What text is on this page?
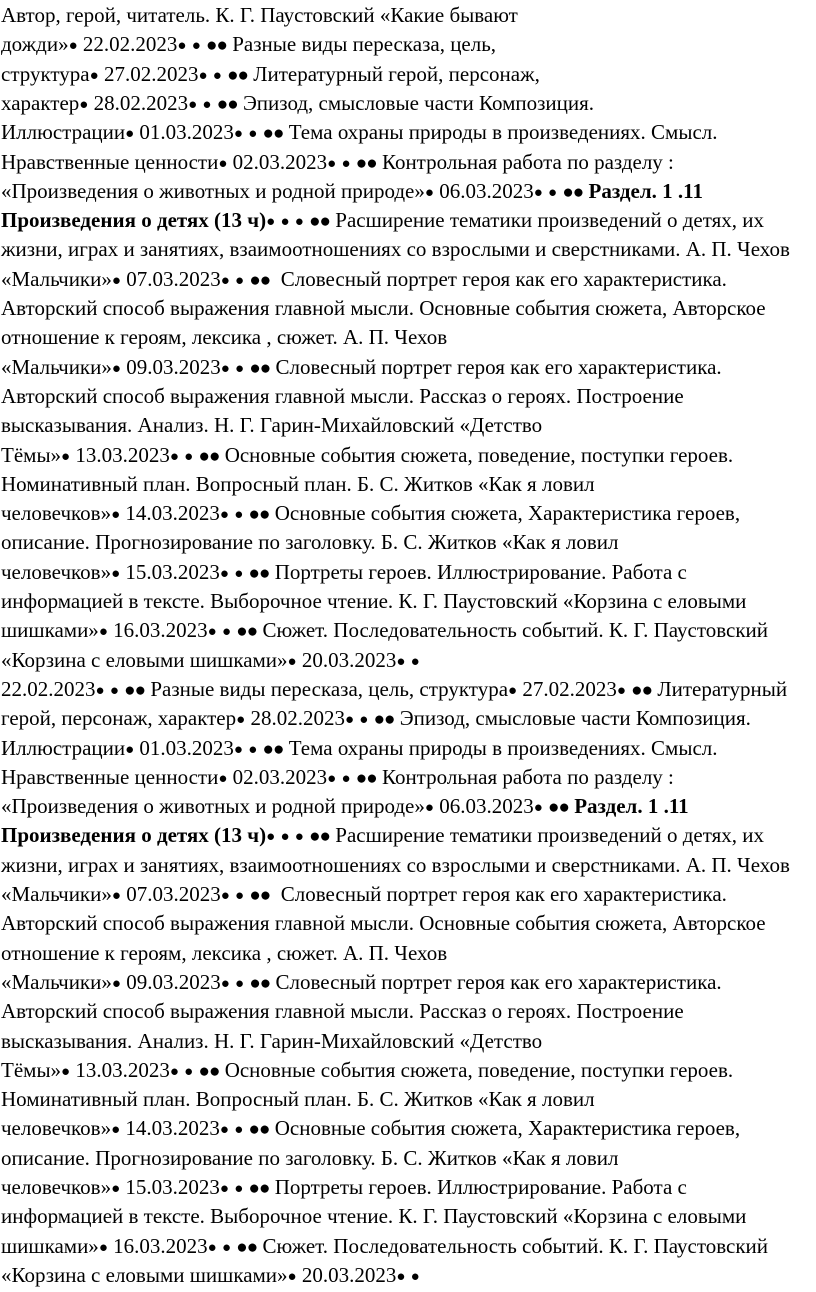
Автор, герой, читатель. К. Г. Паустовский «Какие бывают
дожди»● 22.02.2023● ● ●● Разные виды пересказа, цель,
структура● 27.02.2023● ● ●● Литературный герой, персонаж,
характер● 28.02.2023● ● ●● Эпизод, смысловые части Композиция.
Иллюстрации● 01.03.2023● ● ●● Тема охраны природы в произведениях. Смысл.
Нравственные ценности● 02.03.2023● ● ●● Контрольная работа по разделу :
«Произведения о животных и родной природе»● 06.03.2023● ● ●● Раздел. 1 .11
Произведения о детях (13 ч)● ● ● ●● Расширение тематики произведений о детях, их
жизни, играх и занятиях, взаимоотношениях со взрослыми и сверстниками. А. П. Чехов
«Мальчики»● 07.03.2023● ● ●●  Словесный портрет героя как его характеристика.
Авторский способ выражения главной мысли. Основные события сюжета, Авторское
отношение к героям, лексика , сюжет. А. П. Чехов
«Мальчики»● 09.03.2023● ● ●● Словесный портрет героя как его характеристика.
Авторский способ выражения главной мысли. Рассказ о героях. Построение
высказывания. Анализ. Н. Г. Гарин-Михайловский «Детство
Тёмы»● 13.03.2023● ● ●● Основные события сюжета, поведение, поступки героев.
Номинативный план. Вопросный план. Б. С. Житков «Как я ловил
человечков»● 14.03.2023● ● ●● Основные события сюжета, Характеристика героев,
описание. Прогнозирование по заголовку. Б. С. Житков «Как я ловил
человечков»● 15.03.2023● ● ●● Портреты героев. Иллюстрирование. Работа с
информацией в тексте. Выборочное чтение. К. Г. Паустовский «Корзина с еловыми
шишками»● 16.03.2023● ● ●● Сюжет. Последовательность событий. К. Г. Паустовский
«Корзина с еловыми шишками»● 20.03.2023● ●
22.02.2023● ● ●● Разные виды пересказа, цель, структура● 27.02.2023● ●● Литературный
герой, персонаж, характер● 28.02.2023● ● ●● Эпизод, смысловые части Композиция.
Иллюстрации● 01.03.2023● ● ●● Тема охраны природы в произведениях. Смысл.
Нравственные ценности● 02.03.2023● ● ●● Контрольная работа по разделу :
«Произведения о животных и родной природе»● 06.03.2023● ●● Раздел. 1 .11
Произведения о детях (13 ч)● ● ● ●● Расширение тематики произведений о детях, их
жизни, играх и занятиях, взаимоотношениях со взрослыми и сверстниками. А. П. Чехов
«Мальчики»● 07.03.2023● ● ●●  Словесный портрет героя как его характеристика.
Авторский способ выражения главной мысли. Основные события сюжета, Авторское
отношение к героям, лексика , сюжет. А. П. Чехов
«Мальчики»● 09.03.2023● ● ●● Словесный портрет героя как его характеристика.
Авторский способ выражения главной мысли. Рассказ о героях. Построение
высказывания. Анализ. Н. Г. Гарин-Михайловский «Детство
Тёмы»● 13.03.2023● ● ●● Основные события сюжета, поведение, поступки героев.
Номинативный план. Вопросный план. Б. С. Житков «Как я ловил
человечков»● 14.03.2023● ● ●● Основные события сюжета, Характеристика героев,
описание. Прогнозирование по заголовку. Б. С. Житков «Как я ловил
человечков»● 15.03.2023● ● ●● Портреты героев. Иллюстрирование. Работа с
информацией в тексте. Выборочное чтение. К. Г. Паустовский «Корзина с еловыми
шишками»● 16.03.2023● ● ●● Сюжет. Последовательность событий. К. Г. Паустовский
«Корзина с еловыми шишками»● 20.03.2023● ●
